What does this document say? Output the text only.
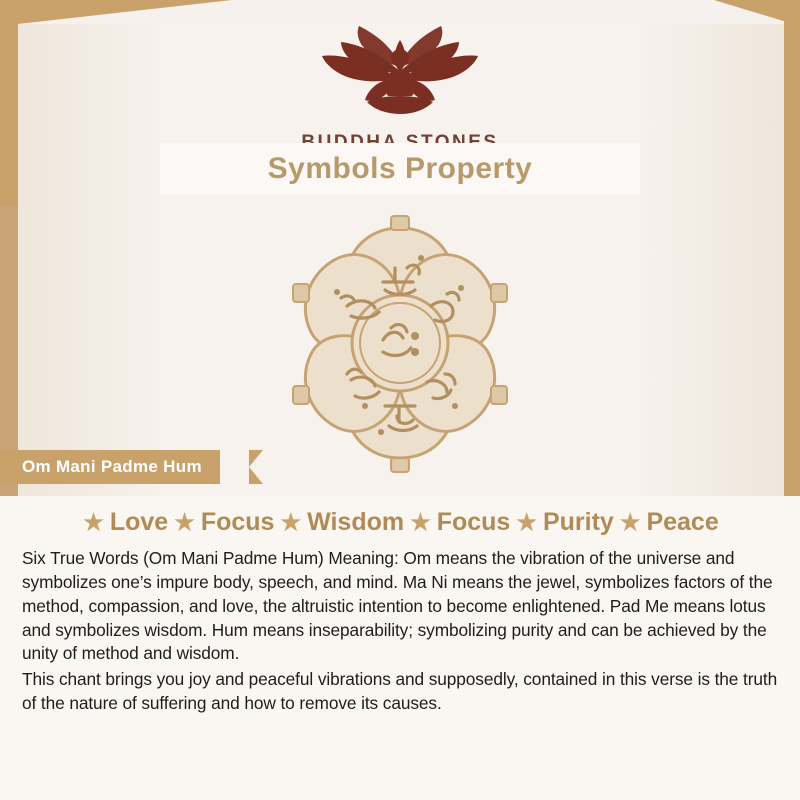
Symbols Property
Om Mani Padme Hum
★ Love ★ Focus ★ Wisdom ★ Focus ★ Purity ★ Peace

Six True Words (Om Mani Padme Hum) Meaning: Om means the vibration of the universe and symbolizes one’s impure body, speech, and mind. Ma Ni means the jewel, symbolizes factors of the method, compassion, and love, the altruistic intention to become enlightened. Pad Me means lotus and symbolizes wisdom. Hum means inseparability; symbolizing purity and can be achieved by the unity of method and wisdom.

This chant brings you joy and peaceful vibrations and supposedly, contained in this verse is the truth of the nature of suffering and how to remove its causes.
